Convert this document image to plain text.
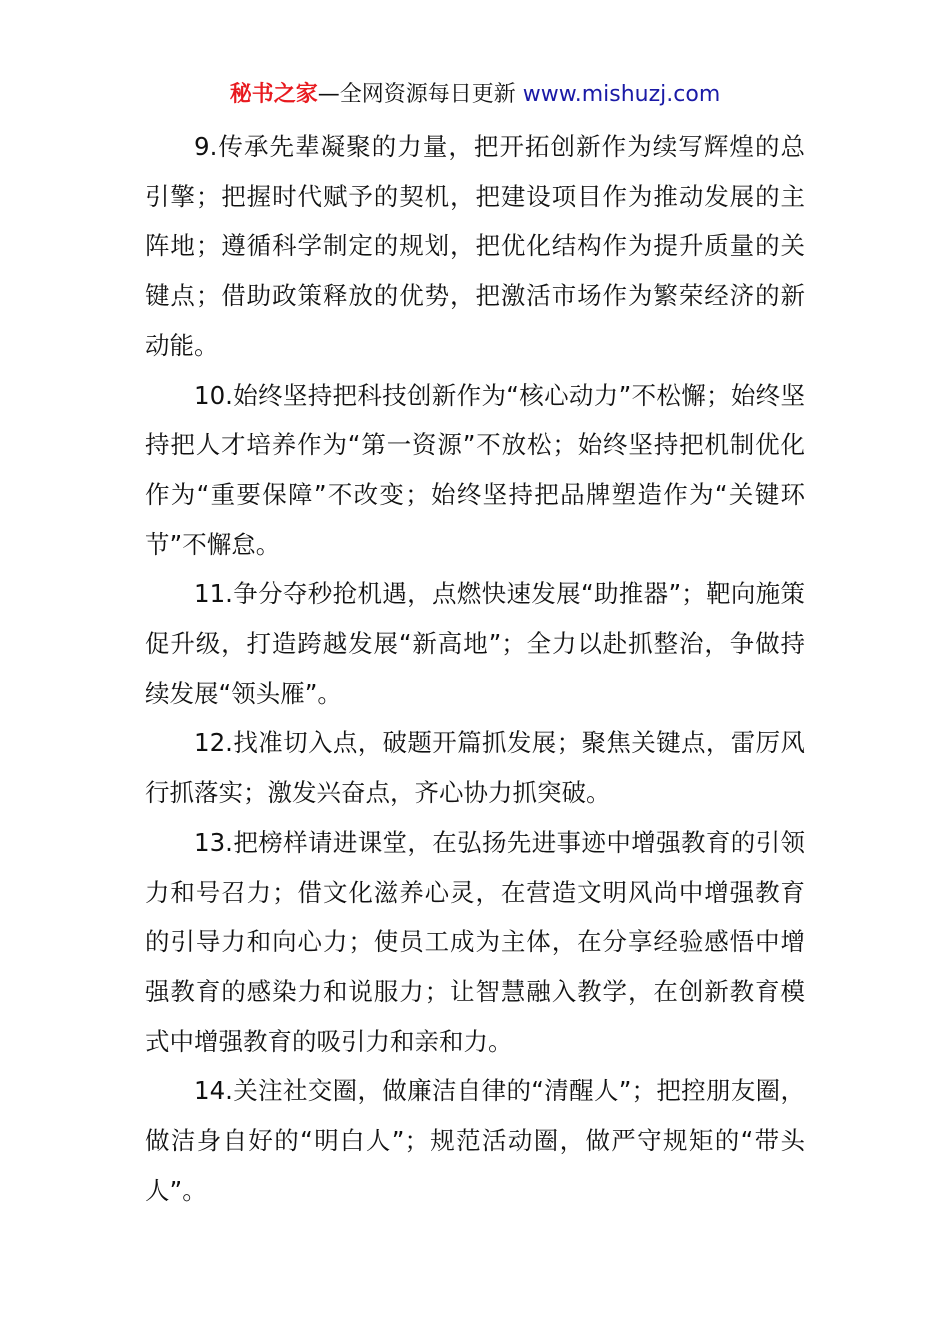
秘书之家—全网资源每日更新 www.mishuzj.com

9.传承先辈凝聚的力量，把开拓创新作为续写辉煌的总引擎；把握时代赋予的契机，把建设项目作为推动发展的主阵地；遵循科学制定的规划，把优化结构作为提升质量的关键点；借助政策释放的优势，把激活市场作为繁荣经济的新动能。

10.始终坚持把科技创新作为“核心动力”不松懈；始终坚持把人才培养作为“第一资源”不放松；始终坚持把机制优化作为“重要保障”不改变；始终坚持把品牌塑造作为“关键环节”不懈怠。

11.争分夺秒抢机遇，点燃快速发展“助推器”；靶向施策促升级，打造跨越发展“新高地”；全力以赴抓整治，争做持续发展“领头雁”。

12.找准切入点，破题开篇抓发展；聚焦关键点，雷厉风行抓落实；激发兴奋点，齐心协力抓突破。

13.把榜样请进课堂，在弘扬先进事迹中增强教育的引领力和号召力；借文化滋养心灵，在营造文明风尚中增强教育的引导力和向心力；使员工成为主体，在分享经验感悟中增强教育的感染力和说服力；让智慧融入教学，在创新教育模式中增强教育的吸引力和亲和力。

14.关注社交圈，做廉洁自律的“清醒人”；把控朋友圈，做洁身自好的“明白人”；规范活动圈，做严守规矩的“带头人”。
